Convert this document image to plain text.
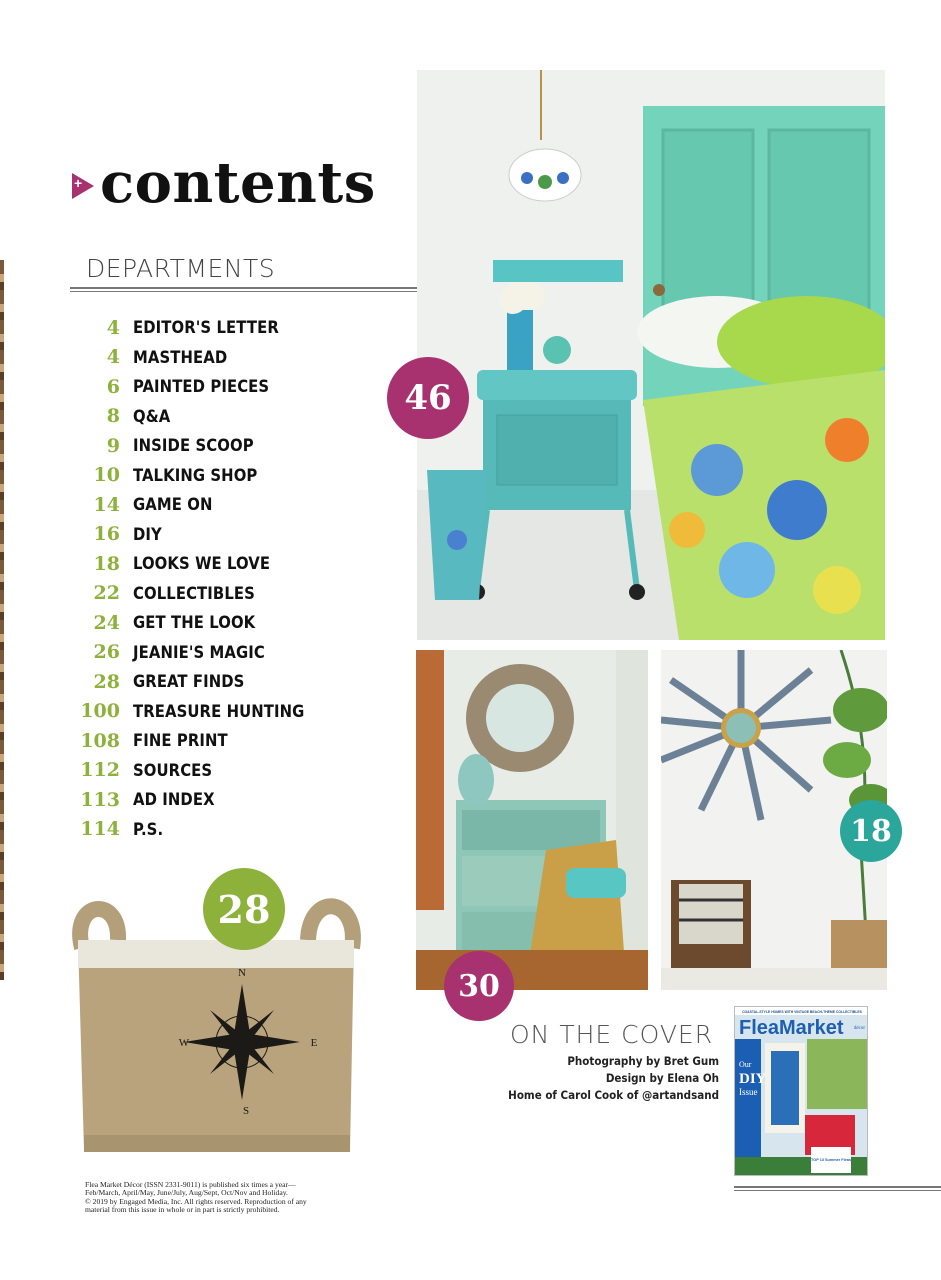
+
contents
DEPARTMENTS
4 EDITOR'S LETTER
4 MASTHEAD
6 PAINTED PIECES
8 Q&A
9 INSIDE SCOOP
10 TALKING SHOP
14 GAME ON
16 DIY
18 LOOKS WE LOVE
22 COLLECTIBLES
24 GET THE LOOK
26 JEANIE'S MAGIC
28 GREAT FINDS
100 TREASURE HUNTING
108 FINE PRINT
112 SOURCES
113 AD INDEX
114 P.S.
46
18
30
N
E
S
W
28
ON THE COVER
Photography by Bret Gum
Design by Elena Oh
Home of Carol Cook of @artandsand
COASTAL-STYLE HOMES WITH VINTAGE BEACH-THEME COLLECTIBLES
FleaMarket décor
Our
DIY
Issue
TOP 13 Summer Fleas
Flea Market Décor (ISSN 2331-9011) is published six times a year—
Feb/March, April/May, June/July, Aug/Sept, Oct/Nov and Holiday.
© 2019 by Engaged Media, Inc. All rights reserved. Reproduction of any
material from this issue in whole or in part is strictly prohibited.
